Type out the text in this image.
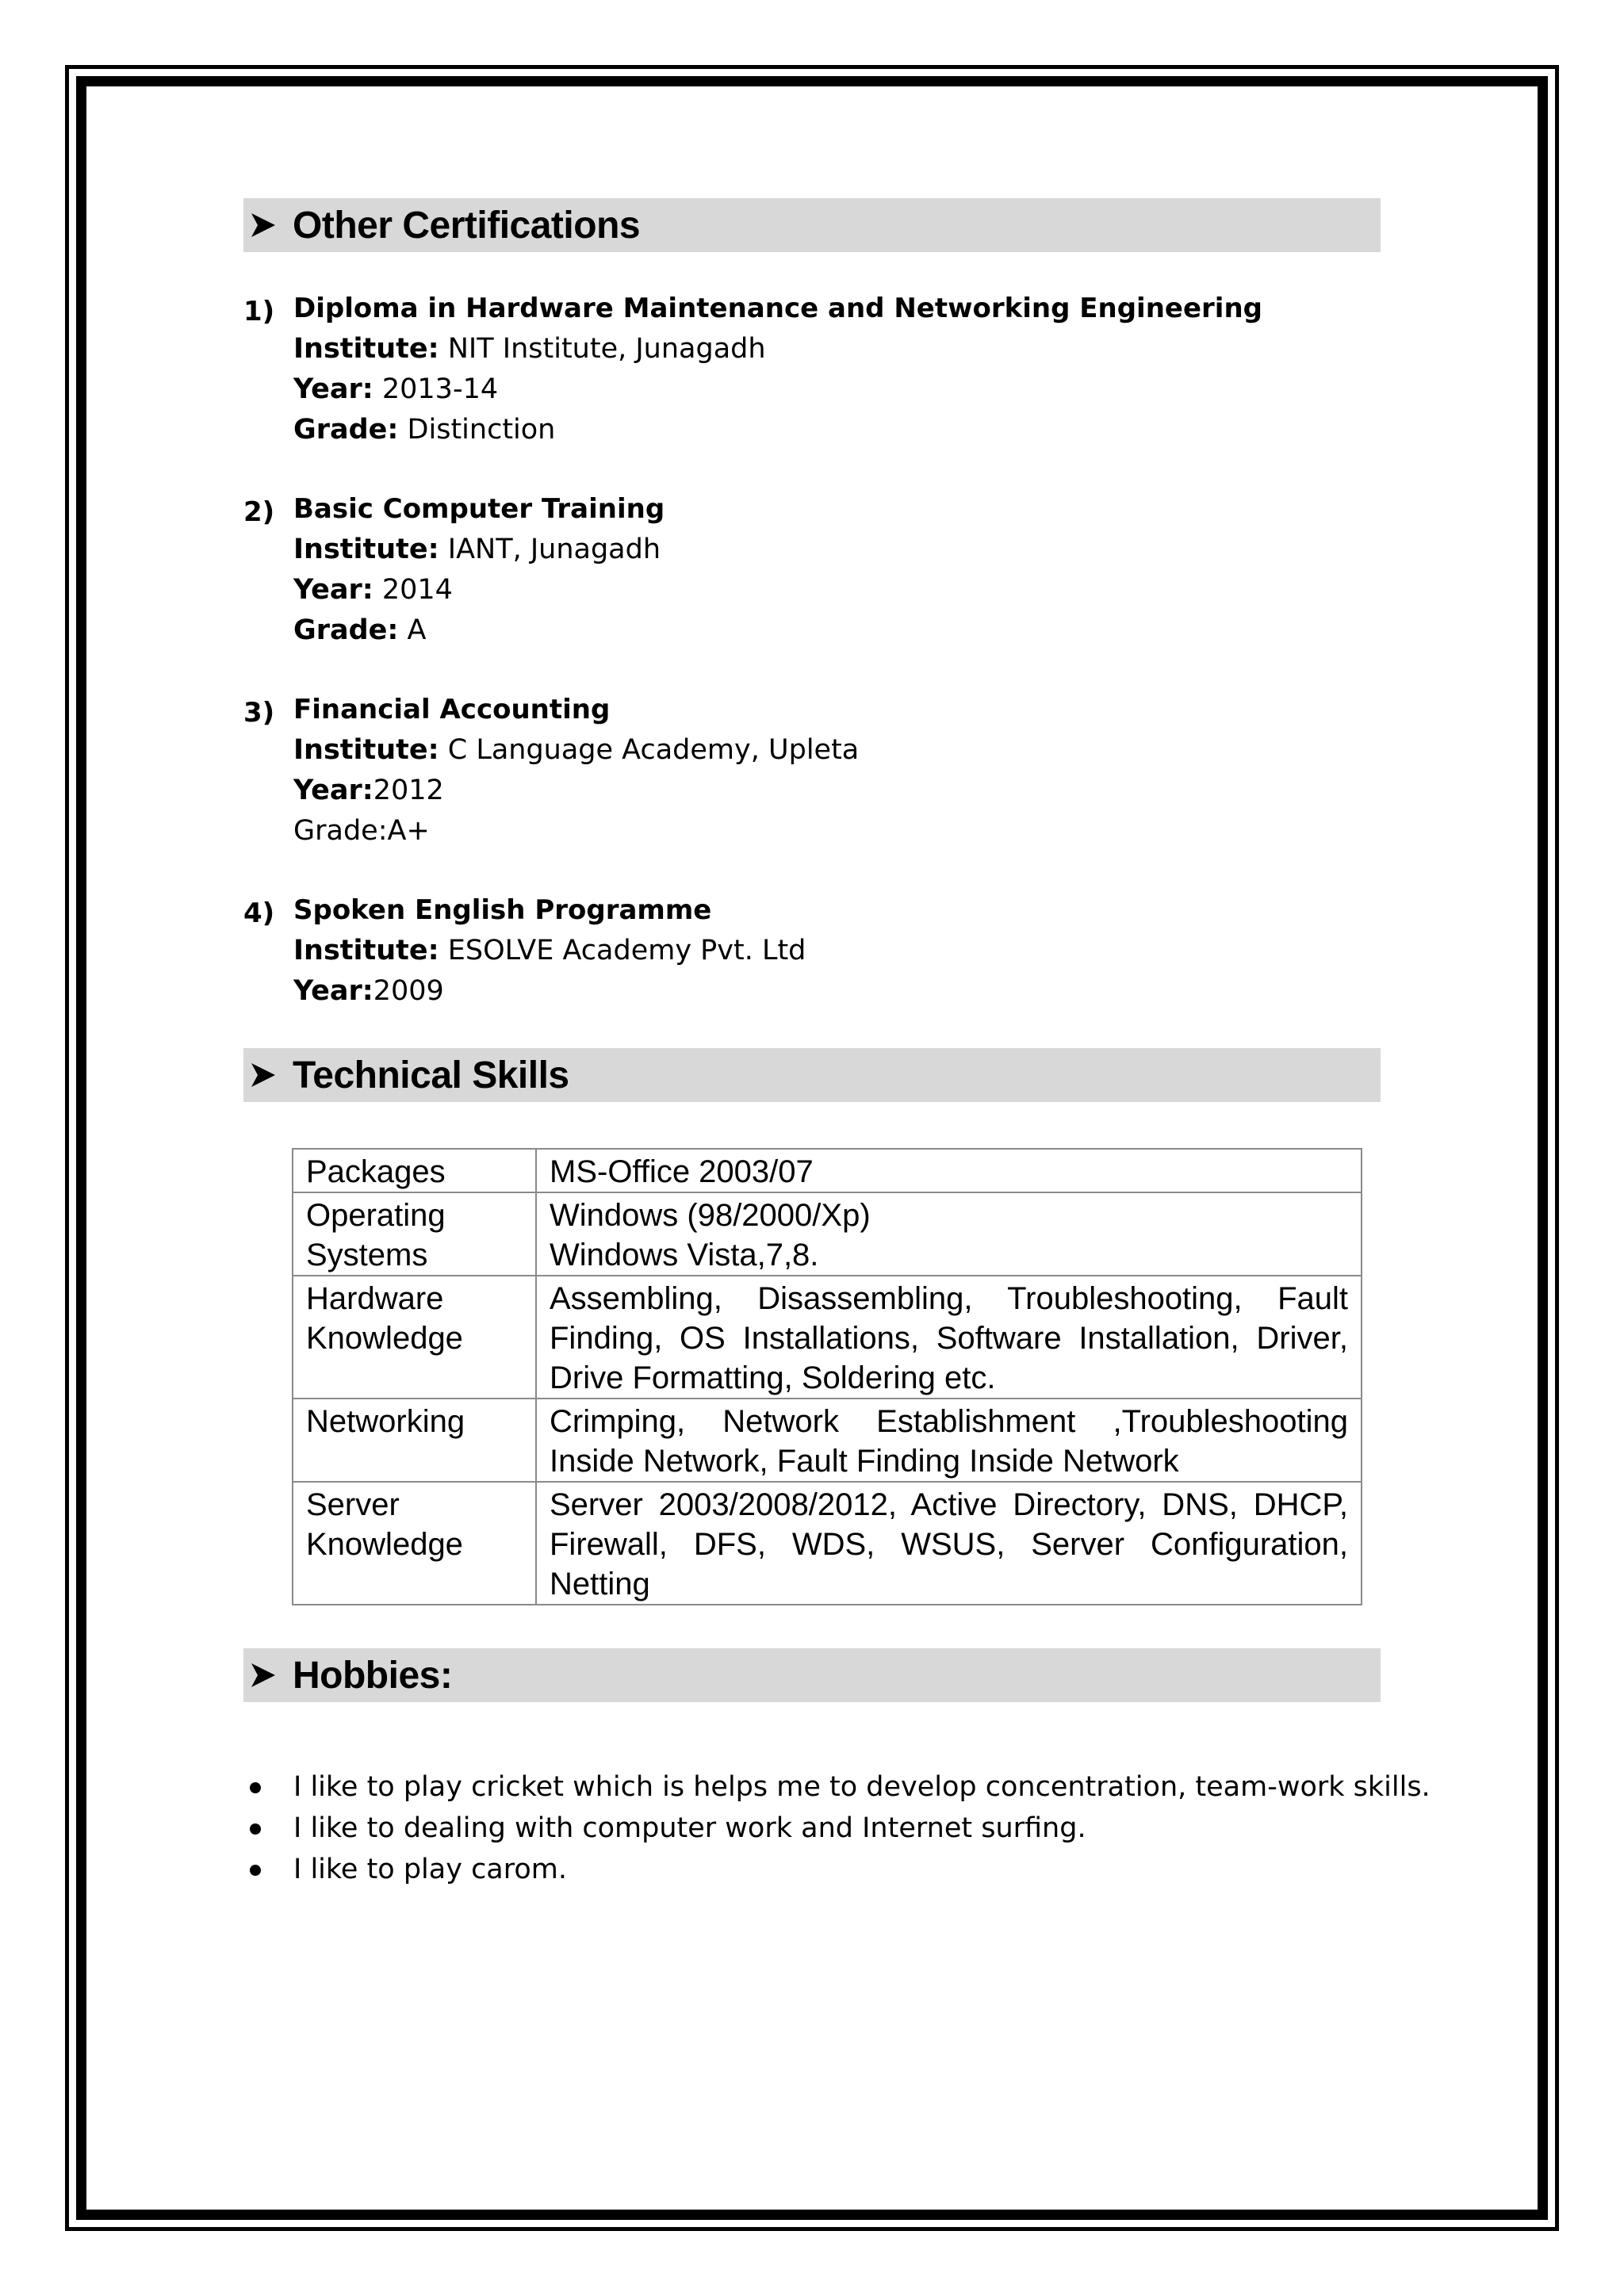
Other Certifications
1) Diploma in Hardware Maintenance and Networking Engineering
Institute: NIT Institute, Junagadh
Year: 2013-14
Grade: Distinction
2) Basic Computer Training
Institute: IANT, Junagadh
Year: 2014
Grade: A
3) Financial Accounting
Institute: C Language Academy, Upleta
Year:2012
Grade:A+
4) Spoken English Programme
Institute: ESOLVE Academy Pvt. Ltd
Year:2009
Technical Skills
Packages	MS-Office 2003/07

Operating Systems	Windows (98/2000/Xp)
Windows Vista,7,8.

Hardware Knowledge	Assembling, Disassembling, Troubleshooting, Fault Finding, OS Installations, Software Installation, Driver, Drive Formatting, Soldering etc.

Networking	Crimping, Network Establishment ,Troubleshooting Inside Network, Fault Finding Inside Network

Server Knowledge	Server 2003/2008/2012, Active Directory, DNS, DHCP, Firewall, DFS, WDS, WSUS, Server Configuration, Netting
Hobbies:
I like to play cricket which is helps me to develop concentration, team-work skills.
I like to dealing with computer work and Internet surfing.
I like to play carom.
